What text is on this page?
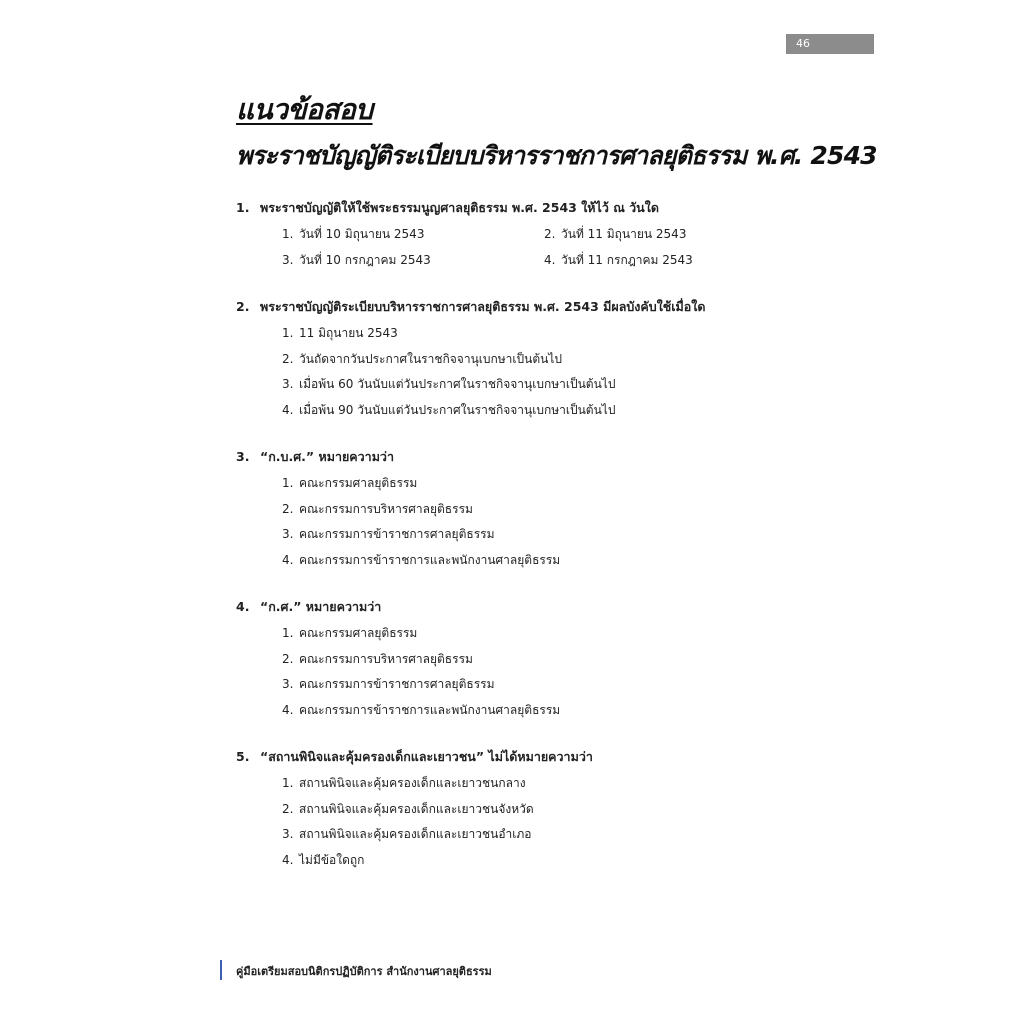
46
แนวข้อสอบ
พระราชบัญญัติระเบียบบริหารราชการศาลยุติธรรม พ.ศ. 2543
1. พระราชบัญญัติให้ใช้พระธรรมนูญศาลยุติธรรม พ.ศ. 2543 ให้ไว้ ณ วันใด
1. วันที่ 10 มิถุนายน 2543	2. วันที่ 11 มิถุนายน 2543
3. วันที่ 10 กรกฎาคม 2543	4. วันที่ 11 กรกฎาคม 2543
2. พระราชบัญญัติระเบียบบริหารราชการศาลยุติธรรม พ.ศ. 2543 มีผลบังคับใช้เมื่อใด
1. 11 มิถุนายน 2543
2. วันถัดจากวันประกาศในราชกิจจานุเบกษาเป็นต้นไป
3. เมื่อพ้น 60 วันนับแต่วันประกาศในราชกิจจานุเบกษาเป็นต้นไป
4. เมื่อพ้น 90 วันนับแต่วันประกาศในราชกิจจานุเบกษาเป็นต้นไป
3. “ก.บ.ศ.” หมายความว่า
1. คณะกรรมศาลยุติธรรม
2. คณะกรรมการบริหารศาลยุติธรรม
3. คณะกรรมการข้าราชการศาลยุติธรรม
4. คณะกรรมการข้าราชการและพนักงานศาลยุติธรรม
4. “ก.ศ.” หมายความว่า
1. คณะกรรมศาลยุติธรรม
2. คณะกรรมการบริหารศาลยุติธรรม
3. คณะกรรมการข้าราชการศาลยุติธรรม
4. คณะกรรมการข้าราชการและพนักงานศาลยุติธรรม
5. “สถานพินิจและคุ้มครองเด็กและเยาวชน” ไม่ได้หมายความว่า
1. สถานพินิจและคุ้มครองเด็กและเยาวชนกลาง
2. สถานพินิจและคุ้มครองเด็กและเยาวชนจังหวัด
3. สถานพินิจและคุ้มครองเด็กและเยาวชนอำเภอ
4. ไม่มีข้อใดถูก
คู่มือเตรียมสอบนิติกรปฏิบัติการ สำนักงานศาลยุติธรรม
